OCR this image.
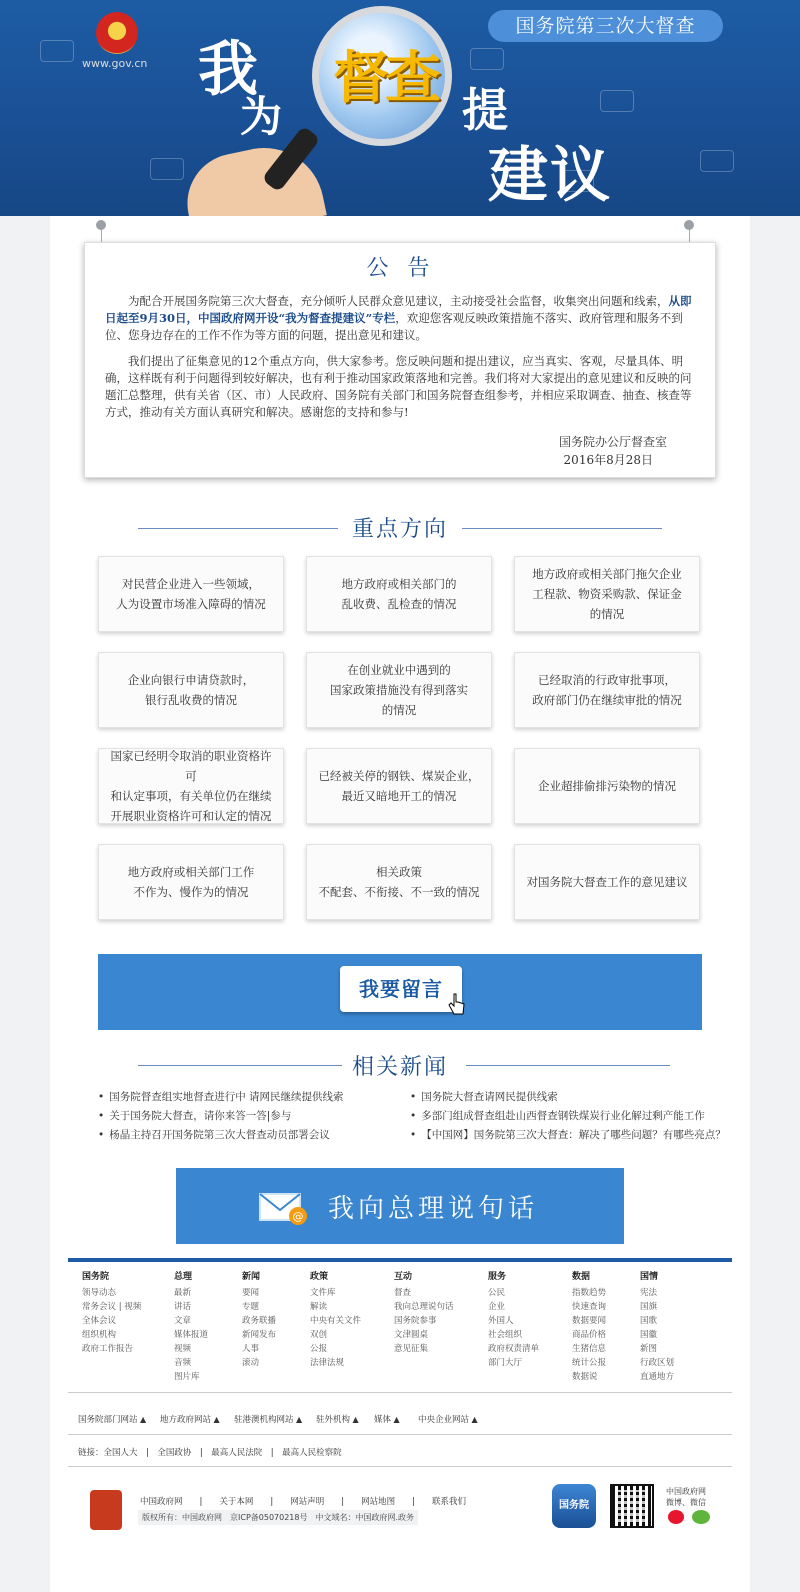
www.gov.cn
国务院第三次大督查
我
为
督查 提
建议
公 告
为配合开展国务院第三次大督查，充分倾听人民群众意见建议，主动接受社会监督，收集突出问题和线索，从即日起至9月30日，中国政府网开设“我为督查提建议”专栏，欢迎您客观反映政策措施不落实、政府管理和服务不到位、您身边存在的工作不作为等方面的问题，提出意见和建议。
我们提出了征集意见的12个重点方向，供大家参考。您反映问题和提出建议，应当真实、客观，尽量具体、明确，这样既有利于问题得到较好解决，也有利于推动国家政策落地和完善。我们将对大家提出的意见建议和反映的问题汇总整理，供有关省（区、市）人民政府、国务院有关部门和国务院督查组参考，并相应采取调查、抽查、核查等方式，推动有关方面认真研究和解决。感谢您的支持和参与!
国务院办公厅督查室
2016年8月28日
重点方向
对民营企业进入一些领域，
人为设置市场准入障碍的情况
地方政府或相关部门的
乱收费、乱检查的情况
地方政府或相关部门拖欠企业
工程款、物资采购款、保证金
的情况
企业向银行申请贷款时，
银行乱收费的情况
在创业就业中遇到的
国家政策措施没有得到落实
的情况
已经取消的行政审批事项，
政府部门仍在继续审批的情况
国家已经明令取消的职业资格许可
和认定事项，有关单位仍在继续
开展职业资格许可和认定的情况
已经被关停的钢铁、煤炭企业，
最近又暗地开工的情况
企业超排偷排污染物的情况
地方政府或相关部门工作
不作为、慢作为的情况
相关政策
不配套、不衔接、不一致的情况
对国务院大督查工作的意见建议
我要留言
相关新闻
• 国务院督查组实地督查进行中 请网民继续提供线索
• 关于国务院大督查，请你来答一答|参与
• 杨晶主持召开国务院第三次大督查动员部署会议
• 国务院大督查请网民提供线索
• 多部门组成督查组赴山西督查钢铁煤炭行业化解过剩产能工作
• 【中国网】国务院第三次大督查：解决了哪些问题？有哪些亮点？
@ 我向总理说句话
国务院部门网站 ▲	地方政府网站 ▲	驻港澳机构网站 ▲	驻外机构 ▲	媒体 ▲	中央企业网站 ▲
链接：全国人大　|　全国政协　|　最高人民法院　|　最高人民检察院
中国政府网　　|　　关于本网　　|　　网站声明　　|　　网站地图　　|　　联系我们
版权所有：中国政府网　京ICP备05070218号　中文域名：中国政府网.政务
国务院
中国政府网
微博、微信
国务院
领导动态
常务会议 | 视频
全体会议
组织机构
政府工作报告
总理
最新
讲话
文章
媒体报道
视频
音频
图片库
新闻
要闻
专题
政务联播
新闻发布
人事
滚动
政策
文件库
解读
中央有关文件
双创
公报
法律法规
互动
督查
我向总理说句话
国务院参事
文津圆桌
意见征集
服务
公民
企业
外国人
社会组织
政府权责清单
部门大厅
数据
指数趋势
快速查询
数据要闻
商品价格
生猪信息
统计公报
数据说
国情
宪法
国旗
国歌
国徽
新图
行政区划
直通地方
